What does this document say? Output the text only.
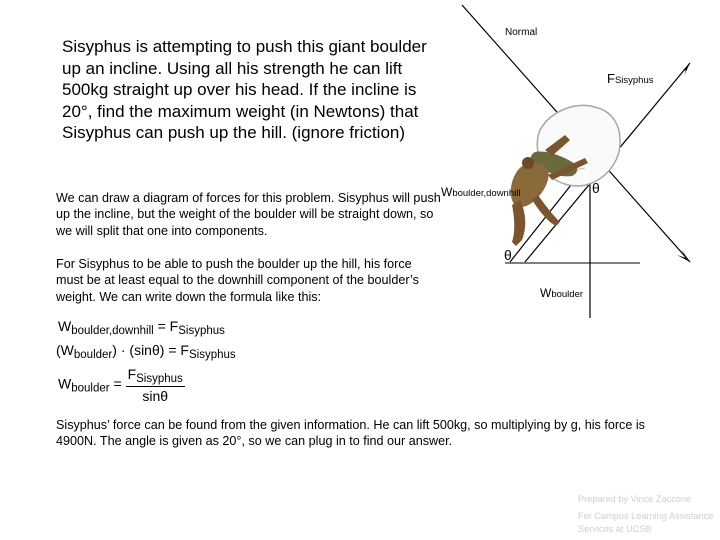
Sisyphus is attempting to push this giant boulder up an incline. Using all his strength he can lift 500kg straight up over his head. If the incline is 20°, find the maximum weight (in Newtons) that Sisyphus can push up the hill. (ignore friction)
We can draw a diagram of forces for this problem. Sisyphus will push up the incline, but the weight of the boulder will be straight down, so we will split that one into components.
For Sisyphus to be able to push the boulder up the hill, his force must be at least equal to the downhill component of the boulder’s weight. We can write down the formula like this:
Sisyphus’ force can be found from the given information. He can lift 500kg, so multiplying by g, his force is 4900N. The angle is given as 20°, so we can plug in to find our answer.
$W_{boulder,downhill} = F_{Sisyphus}$
$(W_{boulder}) \cdot (\sin\theta) = F_{Sisyphus}$
$W_{boulder} = \frac{F_{Sisyphus}}{\sin\theta}$
Normal
FSisyphus
Wboulder,downhill	θ
θ
Wboulder
Prepared by Vince Zaccone
For Campus Learning Assistance Services at UCSB
